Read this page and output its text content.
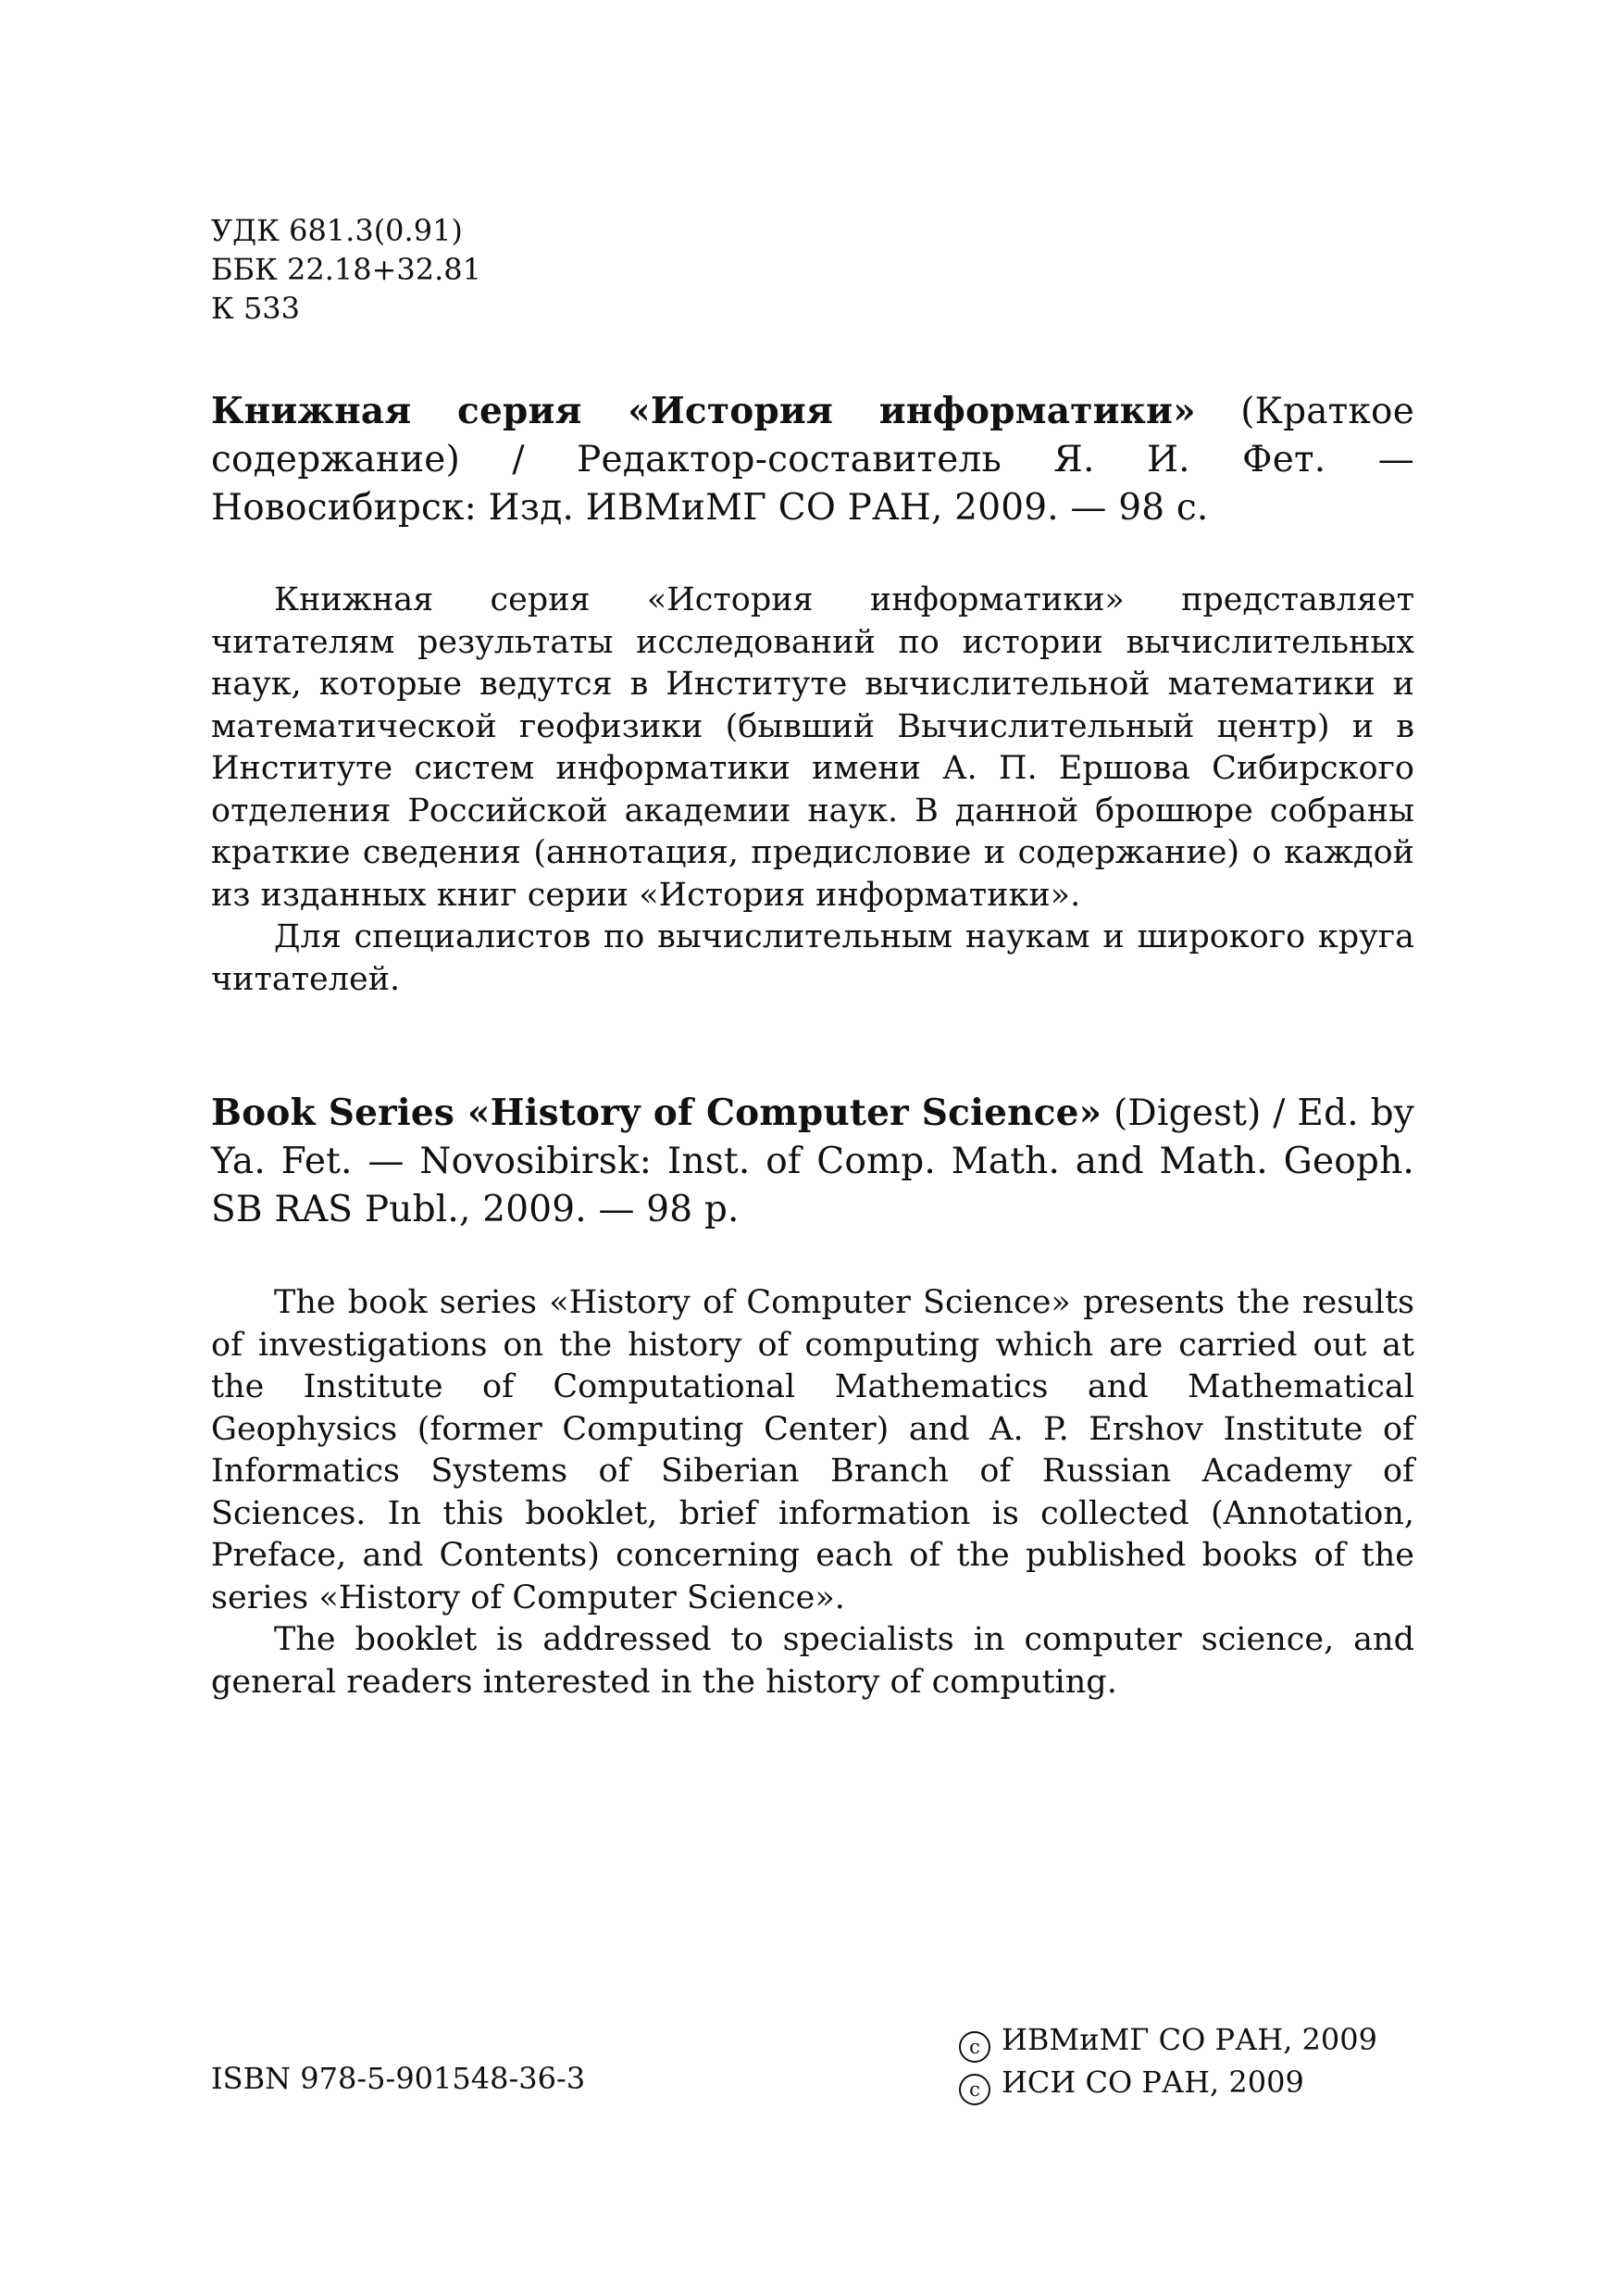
УДК 681.3(0.91)
ББК 22.18+32.81
К 533
Книжная серия «История информатики» (Краткое содержание) / Редактор-составитель Я. И. Фет. — Новосибирск: Изд. ИВМиМГ СО РАН, 2009. — 98 с.

Книжная серия «История информатики» представляет читателям результаты исследований по истории вычислительных наук, которые ведутся в Институте вычислительной математики и математической геофизики (бывший Вычислительный центр) и в Институте систем информатики имени А. П. Ершова Сибирского отделения Российской академии наук. В данной брошюре собраны краткие сведения (аннотация, предисловие и содержание) о каждой из изданных книг серии «История информатики».

Для специалистов по вычислительным наукам и широкого круга читателей.

Book Series «History of Computer Science» (Digest) / Ed. by Ya. Fet. — Novosibirsk: Inst. of Comp. Math. and Math. Geoph. SB RAS Publ., 2009. — 98 p.

The book series «History of Computer Science» presents the results of investigations on the history of computing which are carried out at the Institute of Computational Mathematics and Mathematical Geophysics (former Computing Center) and A. P. Ershov Institute of Informatics Systems of Siberian Branch of Russian Academy of Sciences. In this booklet, brief information is collected (Annotation, Preface, and Contents) concerning each of the published books of the series «History of Computer Science».

The booklet is addressed to specialists in computer science, and general readers interested in the history of computing.

ISBN 978-5-901548-36-3
c ИВМиМГ СО РАН, 2009
c ИСИ СО РАН, 2009
